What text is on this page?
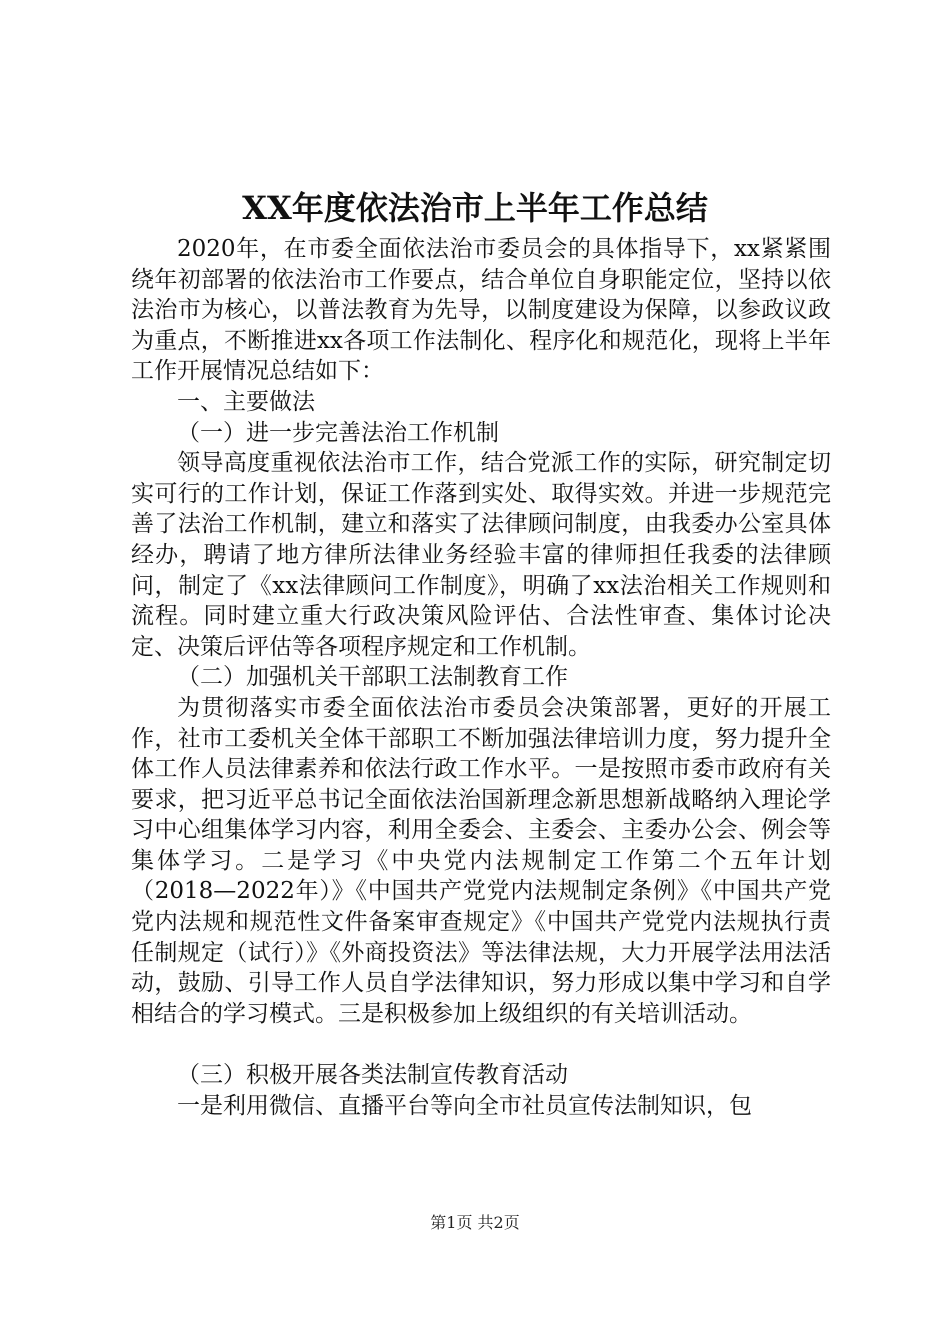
XX年度依法治市上半年工作总结

2020年，在市委全面依法治市委员会的具体指导下，xx紧紧围绕年初部署的依法治市工作要点，结合单位自身职能定位，坚持以依法治市为核心，以普法教育为先导，以制度建设为保障，以参政议政为重点，不断推进xx各项工作法制化、程序化和规范化，现将上半年工作开展情况总结如下：

一、主要做法

（一）进一步完善法治工作机制

领导高度重视依法治市工作，结合党派工作的实际，研究制定切实可行的工作计划，保证工作落到实处、取得实效。并进一步规范完善了法治工作机制，建立和落实了法律顾问制度，由我委办公室具体经办，聘请了地方律所法律业务经验丰富的律师担任我委的法律顾问，制定了《xx法律顾问工作制度》，明确了xx法治相关工作规则和流程。同时建立重大行政决策风险评估、合法性审查、集体讨论决定、决策后评估等各项程序规定和工作机制。

（二）加强机关干部职工法制教育工作

为贯彻落实市委全面依法治市委员会决策部署，更好的开展工作，社市工委机关全体干部职工不断加强法律培训力度，努力提升全体工作人员法律素养和依法行政工作水平。一是按照市委市政府有关要求，把习近平总书记全面依法治国新理念新思想新战略纳入理论学习中心组集体学习内容，利用全委会、主委会、主委办公会、例会等集体学习。二是学习《中央党内法规制定工作第二个五年计划（2018—2022年）》《中国共产党党内法规制定条例》《中国共产党党内法规和规范性文件备案审查规定》《中国共产党党内法规执行责任制规定（试行）》《外商投资法》等法律法规，大力开展学法用法活动，鼓励、引导工作人员自学法律知识，努力形成以集中学习和自学相结合的学习模式。三是积极参加上级组织的有关培训活动。

（三）积极开展各类法制宣传教育活动

一是利用微信、直播平台等向全市社员宣传法制知识，包

第1页 共2页
